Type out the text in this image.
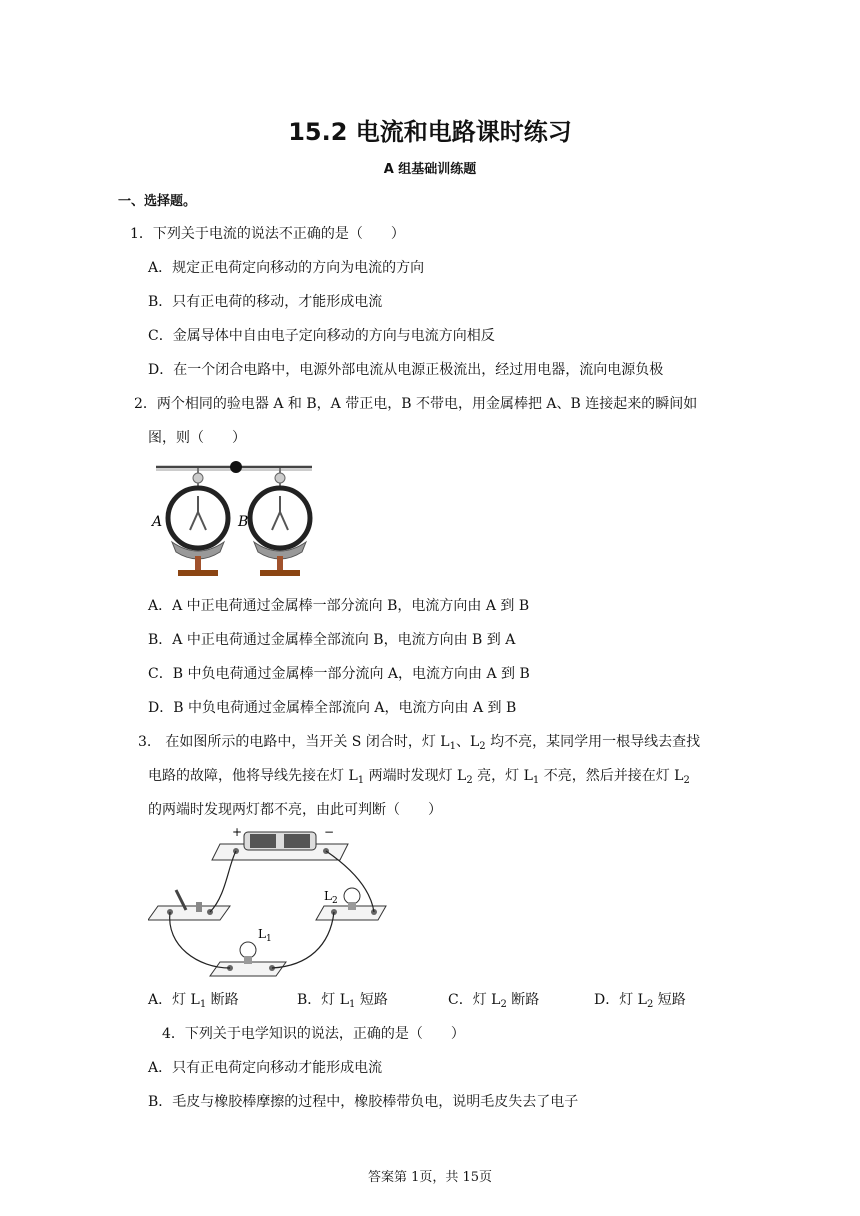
15.2 电流和电路课时练习
A 组基础训练题
一、选择题。
1．下列关于电流的说法不正确的是（　　）
A．规定正电荷定向移动的方向为电流的方向
B．只有正电荷的移动，才能形成电流
C．金属导体中自由电子定向移动的方向与电流方向相反
D．在一个闭合电路中，电源外部电流从电源正极流出，经过用电器，流向电源负极
2．两个相同的验电器 A 和 B，A 带正电，B 不带电，用金属棒把 A、B 连接起来的瞬间如
图，则（　　）
A	B
A．A 中正电荷通过金属棒一部分流向 B，电流方向由 A 到 B
B．A 中正电荷通过金属棒全部流向 B，电流方向由 B 到 A
C．B 中负电荷通过金属棒一部分流向 A，电流方向由 A 到 B
D．B 中负电荷通过金属棒全部流向 A，电流方向由 A 到 B
3.　在如图所示的电路中，当开关 S 闭合时，灯 $L_1$、$L_2$ 均不亮，某同学用一根导线去查找
电路的故障，他将导线先接在灯 $L_1$ 两端时发现灯 $L_2$ 亮，灯 $L_1$ 不亮，然后并接在灯 $L_2$
的两端时发现两灯都不亮，由此可判断（　　）
+	−
$L_2$
$L_1$
A．灯 $L_1$ 断路	B．灯 $L_1$ 短路	C．灯 $L_2$ 断路	D．灯 $L_2$ 短路
4．下列关于电学知识的说法，正确的是（　　）
A．只有正电荷定向移动才能形成电流
B．毛皮与橡胶棒摩擦的过程中，橡胶棒带负电，说明毛皮失去了电子
答案第 1页，共 15页
